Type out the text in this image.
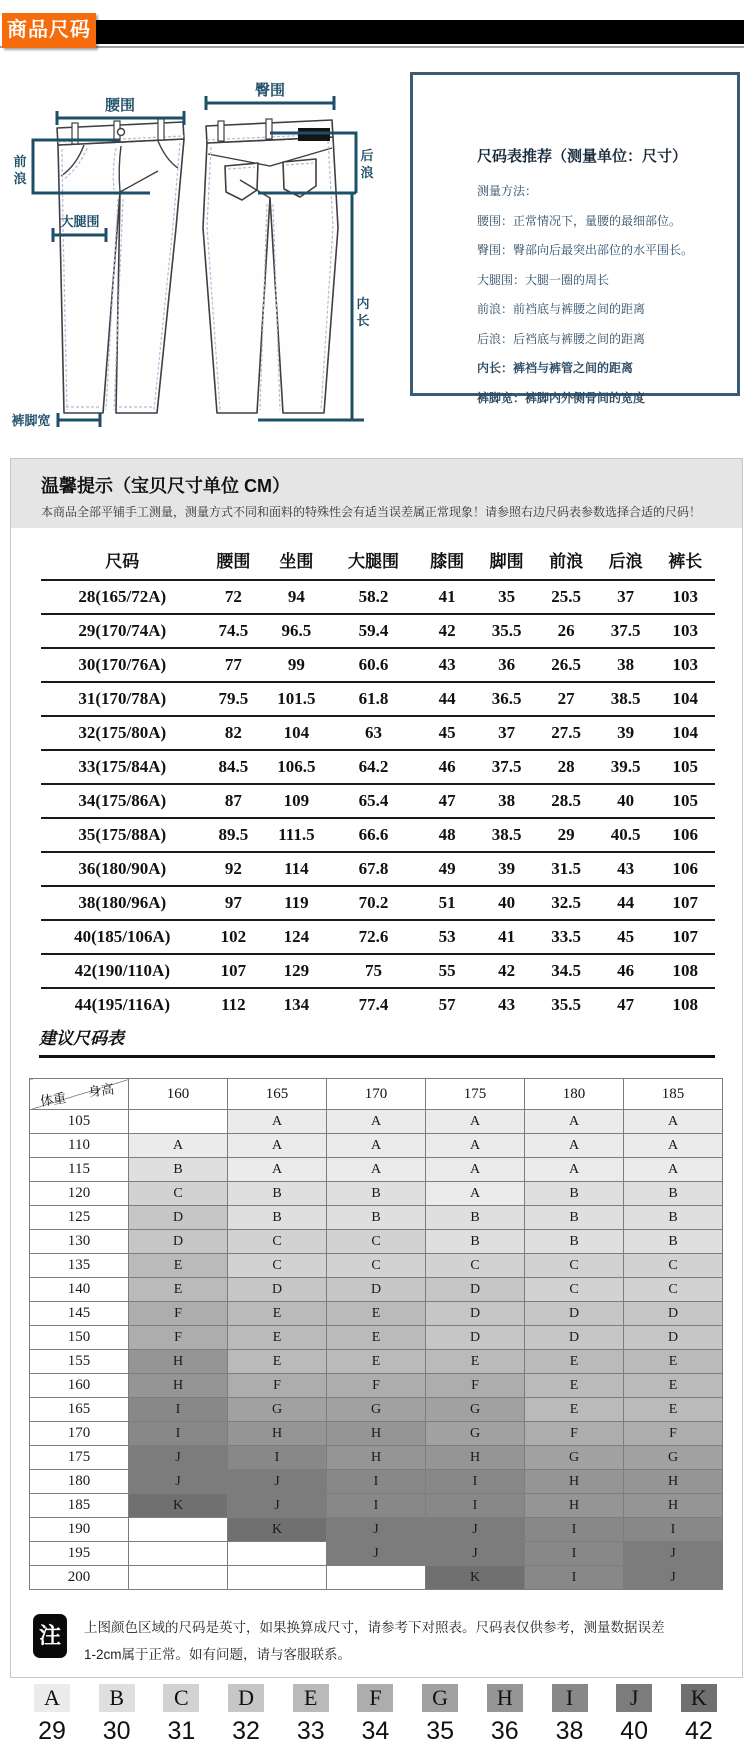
商品尺码
腰围
臀围
前
浪
大腿围
裤脚宽
后
浪
内
长
尺码表推荐（测量单位：尺寸）
测量方法：
腰围：正常情况下，量腰的最细部位。
臀围：臀部向后最突出部位的水平围长。
大腿围：大腿一圈的周长
前浪：前裆底与裤腰之间的距离
后浪：后裆底与裤腰之间的距离
内长：裤裆与裤管之间的距离
裤脚宽：裤脚内外侧骨间的宽度
温馨提示（宝贝尺寸单位 CM）
本商品全部平铺手工测量，测量方式不同和面料的特殊性会有适当误差属正常现象！请参照右边尺码表参数选择合适的尺码！
尺码	腰围	坐围	大腿围	膝围	脚围	前浪	后浪	裤长
28(165/72A)	72	94	58.2	41	35	25.5	37	103
29(170/74A)	74.5	96.5	59.4	42	35.5	26	37.5	103
30(170/76A)	77	99	60.6	43	36	26.5	38	103
31(170/78A)	79.5	101.5	61.8	44	36.5	27	38.5	104
32(175/80A)	82	104	63	45	37	27.5	39	104
33(175/84A)	84.5	106.5	64.2	46	37.5	28	39.5	105
34(175/86A)	87	109	65.4	47	38	28.5	40	105
35(175/88A)	89.5	111.5	66.6	48	38.5	29	40.5	106
36(180/90A)	92	114	67.8	49	39	31.5	43	106
38(180/96A)	97	119	70.2	51	40	32.5	44	107
40(185/106A)	102	124	72.6	53	41	33.5	45	107
42(190/110A)	107	129	75	55	42	34.5	46	108
44(195/116A)	112	134	77.4	57	43	35.5	47	108
建议尺码表
身高
体重	160	165	170	175	180	185
105		A	A	A	A	A
110	A	A	A	A	A	A
115	B	A	A	A	A	A
120	C	B	B	A	B	B
125	D	B	B	B	B	B
130	D	C	C	B	B	B
135	E	C	C	C	C	C
140	E	D	D	D	C	C
145	F	E	E	D	D	D
150	F	E	E	D	D	D
155	H	E	E	E	E	E
160	H	F	F	F	E	E
165	I	G	G	G	E	E
170	I	H	H	G	F	F
175	J	I	H	H	G	G
180	J	J	I	I	H	H
185	K	J	I	I	H	H
190		K	J	J	I	I
195			J	J	I	J
200				K	I	J
注	上图颜色区域的尺码是英寸，如果换算成尺寸，请参考下对照表。尺码表仅供参考，测量数据误差
1-2cm属于正常。如有问题，请与客服联系。
A
29
B
30
C
31
D
32
E
33
F
34
G
35
H
36
I
38
J
40
K
42
